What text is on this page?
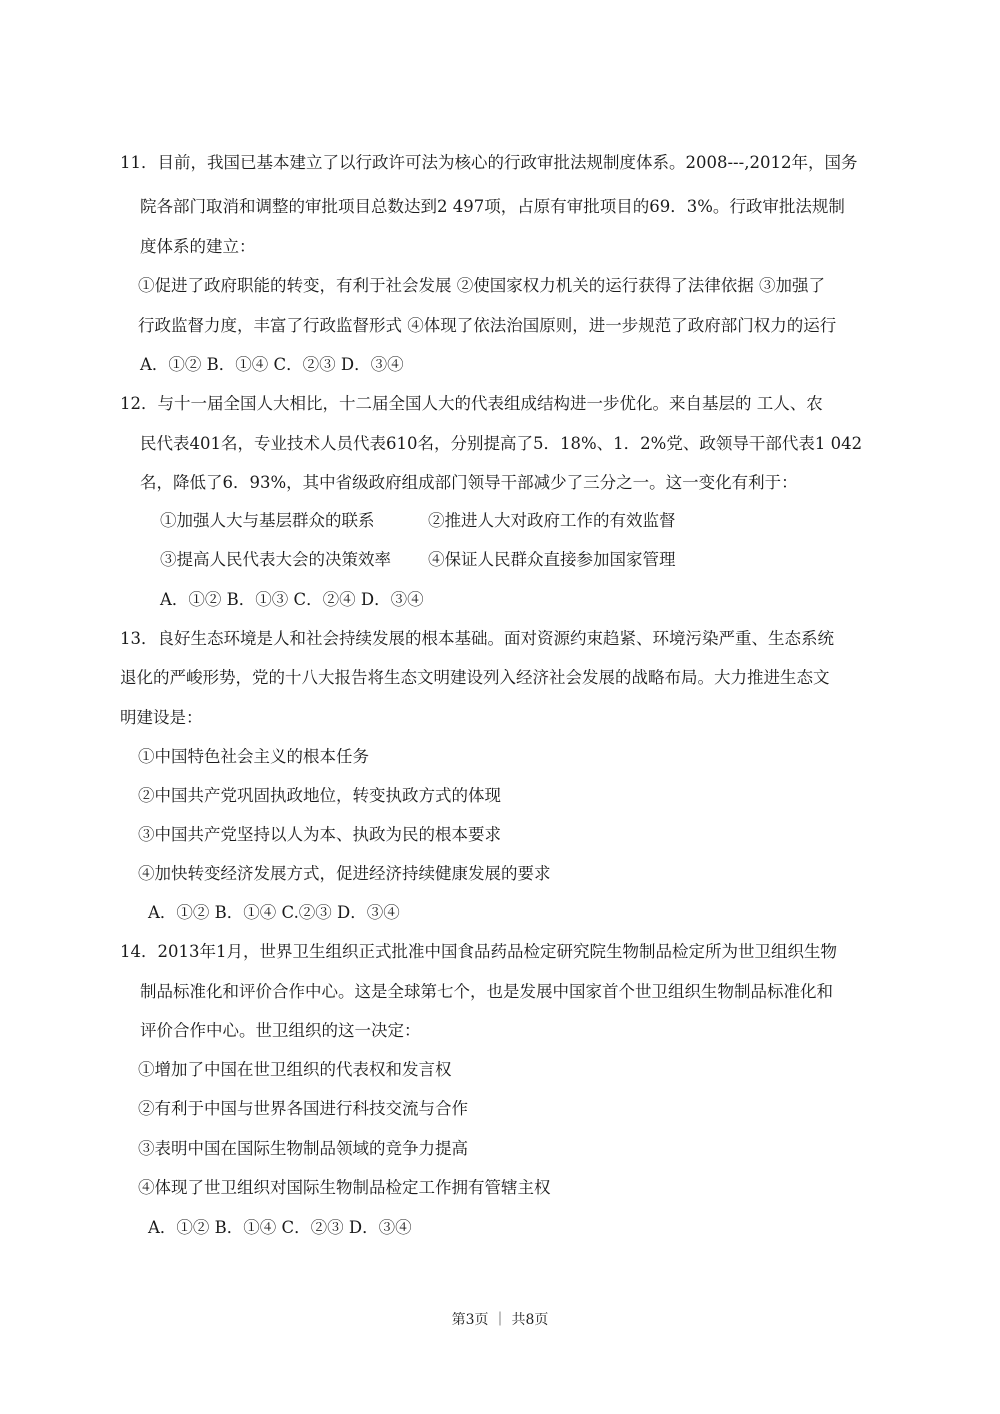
11．目前，我国已基本建立了以行政许可法为核心的行政审批法规制度体系。2008---,2012年，国务
院各部门取消和调整的审批项目总数达到2 497项，占原有审批项目的69．3%。行政审批法规制
度体系的建立：
①促进了政府职能的转变，有利于社会发展 ②使国家权力机关的运行获得了法律依据 ③加强了
行政监督力度，丰富了行政监督形式 ④体现了依法治国原则，进一步规范了政府部门权力的运行
A．①② B．①④ C．②③ D．③④
12．与十一届全国人大相比，十二届全国人大的代表组成结构进一步优化。来自基层的 工人、农
民代表401名，专业技术人员代表610名，分别提高了5．18%、1．2%党、政领导干部代表1 042
名，降低了6．93%，其中省级政府组成部门领导干部减少了三分之一。这一变化有利于：
①加强人大与基层群众的联系	②推进人大对政府工作的有效监督
③提高人民代表大会的决策效率 ④保证人民群众直接参加国家管理
A．①② B．①③ C．②④ D．③④
13．良好生态环境是人和社会持续发展的根本基础。面对资源约束趋紧、环境污染严重、生态系统
退化的严峻形势，党的十八大报告将生态文明建设列入经济社会发展的战略布局。大力推进生态文
明建设是：
①中国特色社会主义的根本任务
②中国共产党巩固执政地位，转变执政方式的体现
③中国共产党坚持以人为本、执政为民的根本要求
④加快转变经济发展方式，促进经济持续健康发展的要求
A．①② B．①④ C.②③ D．③④
14．2013年1月，世界卫生组织正式批准中国食品药品检定研究院生物制品检定所为世卫组织生物
制品标准化和评价合作中心。这是全球第七个，也是发展中国家首个世卫组织生物制品标准化和
评价合作中心。世卫组织的这一决定：
①增加了中国在世卫组织的代表权和发言权
②有利于中国与世界各国进行科技交流与合作
③表明中国在国际生物制品领域的竞争力提高
④体现了世卫组织对国际生物制品检定工作拥有管辖主权
A．①② B．①④ C．②③ D．③④
第3页 ｜ 共8页
